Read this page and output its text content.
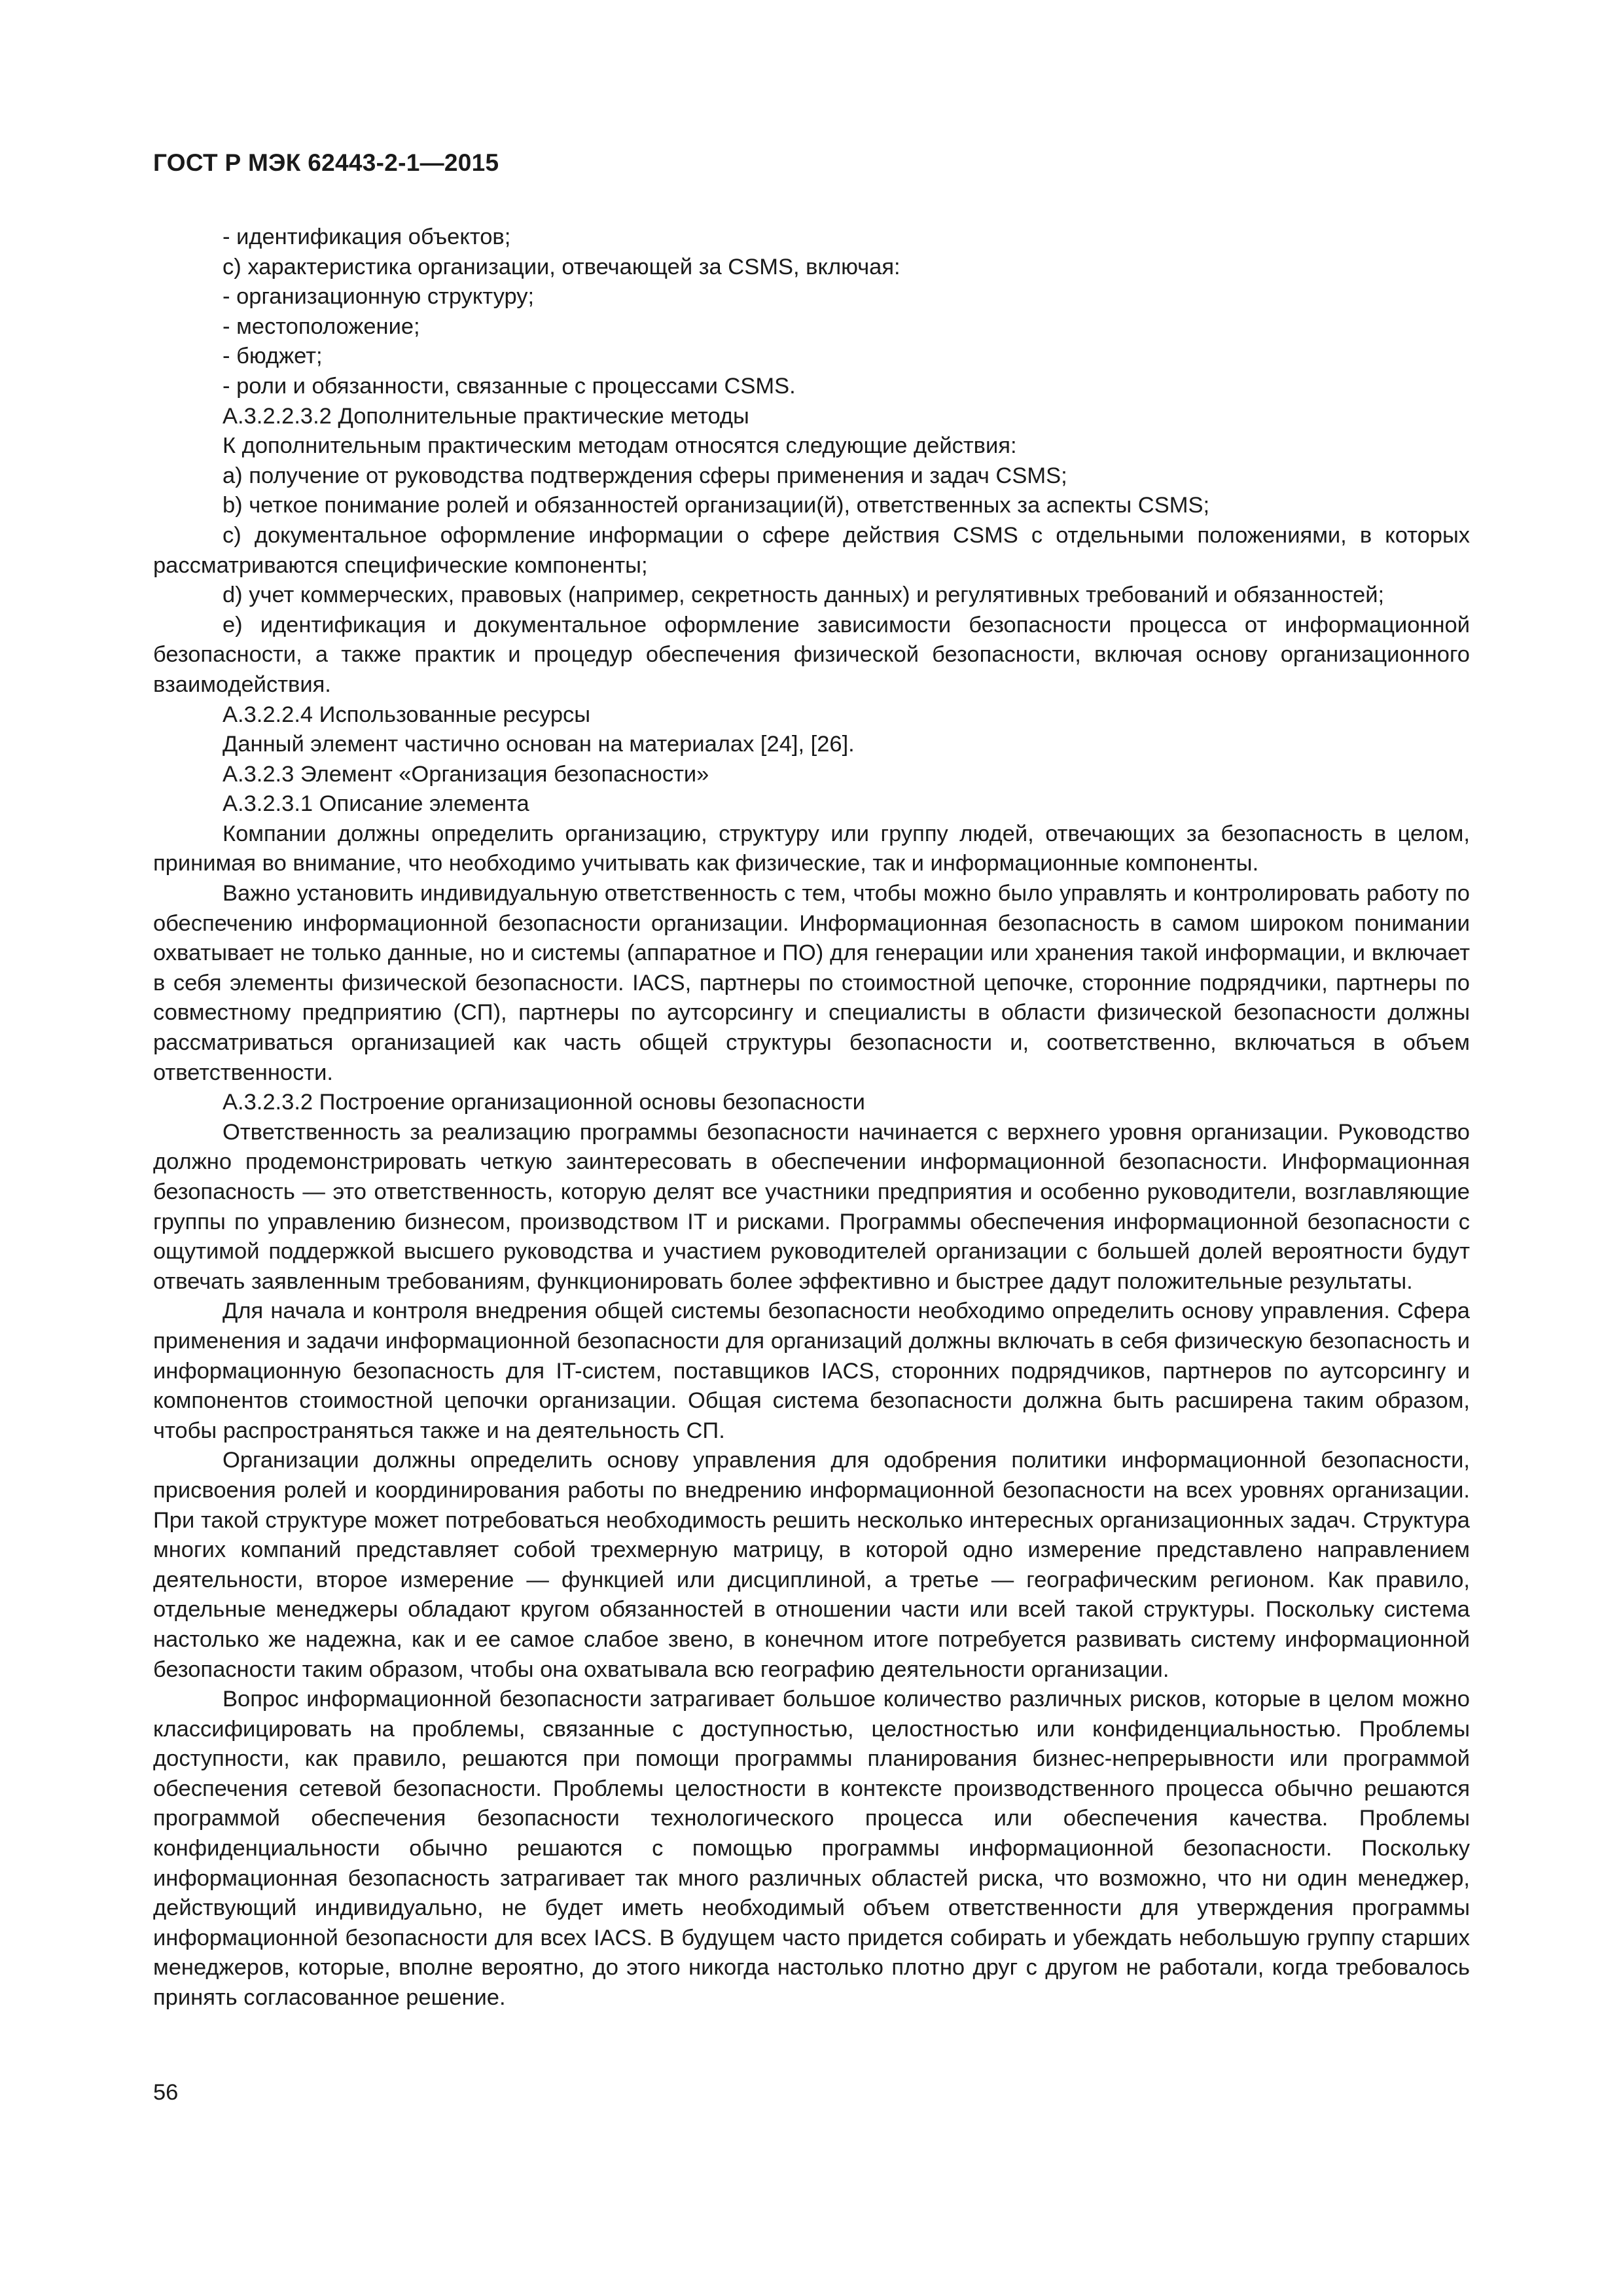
ГОСТ Р МЭК 62443-2-1—2015

- идентификация объектов;

c) характеристика организации, отвечающей за CSMS, включая:

- организационную структуру;

- местоположение;

- бюджет;

- роли и обязанности, связанные с процессами CSMS.

А.3.2.2.3.2 Дополнительные практические методы

К дополнительным практическим методам относятся следующие действия:

a) получение от руководства подтверждения сферы применения и задач CSMS;

b) четкое понимание ролей и обязанностей организации(й), ответственных за аспекты CSMS;

c) документальное оформление информации о сфере действия CSMS с отдельными положениями, в которых рассматриваются специфические компоненты;

d) учет коммерческих, правовых (например, секретность данных) и регулятивных требований и обязанностей;

e) идентификация и документальное оформление зависимости безопасности процесса от информационной безопасности, а также практик и процедур обеспечения физической безопасности, включая основу организационного взаимодействия.

А.3.2.2.4 Использованные ресурсы

Данный элемент частично основан на материалах [24], [26].

А.3.2.3 Элемент «Организация безопасности»

А.3.2.3.1 Описание элемента

Компании должны определить организацию, структуру или группу людей, отвечающих за безопасность в целом, принимая во внимание, что необходимо учитывать как физические, так и информационные компоненты.

Важно установить индивидуальную ответственность с тем, чтобы можно было управлять и контролировать работу по обеспечению информационной безопасности организации. Информационная безопасность в самом широком понимании охватывает не только данные, но и системы (аппаратное и ПО) для генерации или хранения такой информации, и включает в себя элементы физической безопасности. IACS, партнеры по стоимостной цепочке, сторонние подрядчики, партнеры по совместному предприятию (СП), партнеры по аутсорсингу и специалисты в области физической безопасности должны рассматриваться организацией как часть общей структуры безопасности и, соответственно, включаться в объем ответственности.

А.3.2.3.2 Построение организационной основы безопасности

Ответственность за реализацию программы безопасности начинается с верхнего уровня организации. Руководство должно продемонстрировать четкую заинтересовать в обеспечении информационной безопасности. Информационная безопасность — это ответственность, которую делят все участники предприятия и особенно руководители, возглавляющие группы по управлению бизнесом, производством IT и рисками. Программы обеспечения информационной безопасности с ощутимой поддержкой высшего руководства и участием руководителей организации с большей долей вероятности будут отвечать заявленным требованиям, функционировать более эффективно и быстрее дадут положительные результаты.

Для начала и контроля внедрения общей системы безопасности необходимо определить основу управления. Сфера применения и задачи информационной безопасности для организаций должны включать в себя физическую безопасность и информационную безопасность для IT-систем, поставщиков IACS, сторонних подрядчиков, партнеров по аутсорсингу и компонентов стоимостной цепочки организации. Общая система безопасности должна быть расширена таким образом, чтобы распространяться также и на деятельность СП.

Организации должны определить основу управления для одобрения политики информационной безопасности, присвоения ролей и координирования работы по внедрению информационной безопасности на всех уровнях организации. При такой структуре может потребоваться необходимость решить несколько интересных организационных задач. Структура многих компаний представляет собой трехмерную матрицу, в которой одно измерение представлено направлением деятельности, второе измерение — функцией или дисциплиной, а третье — географическим регионом. Как правило, отдельные менеджеры обладают кругом обязанностей в отношении части или всей такой структуры. Поскольку система настолько же надежна, как и ее самое слабое звено, в конечном итоге потребуется развивать систему информационной безопасности таким образом, чтобы она охватывала всю географию деятельности организации.

Вопрос информационной безопасности затрагивает большое количество различных рисков, которые в целом можно классифицировать на проблемы, связанные с доступностью, целостностью или конфиденциальностью. Проблемы доступности, как правило, решаются при помощи программы планирования бизнес-непрерывности или программой обеспечения сетевой безопасности. Проблемы целостности в контексте производственного процесса обычно решаются программой обеспечения безопасности технологического процесса или обеспечения качества. Проблемы конфиденциальности обычно решаются с помощью программы информационной безопасности. Поскольку информационная безопасность затрагивает так много различных областей риска, что возможно, что ни один менеджер, действующий индивидуально, не будет иметь необходимый объем ответственности для утверждения программы информационной безопасности для всех IACS. В будущем часто придется собирать и убеждать небольшую группу старших менеджеров, которые, вполне вероятно, до этого никогда настолько плотно друг с другом не работали, когда требовалось принять согласованное решение.

56
